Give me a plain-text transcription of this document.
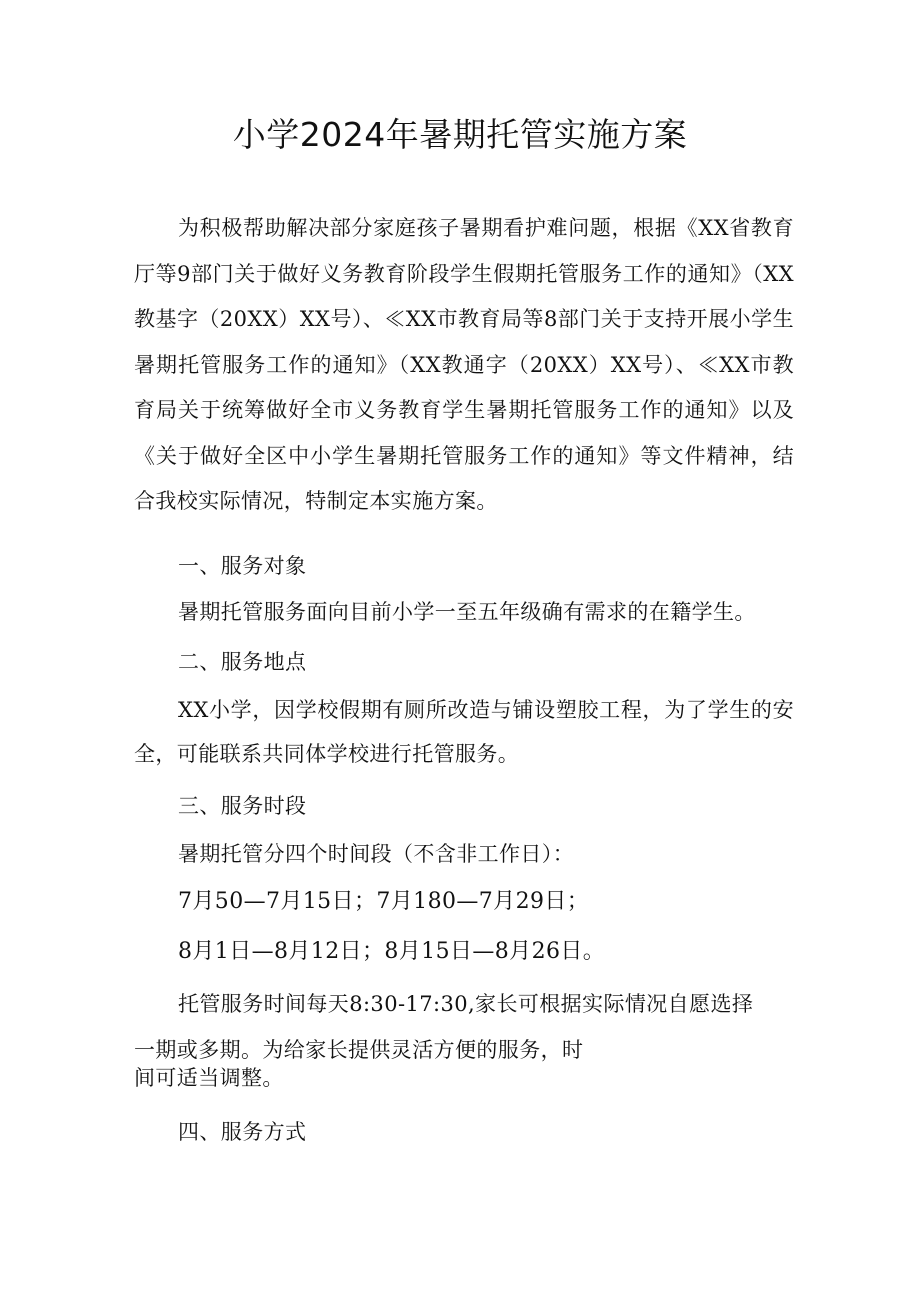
小学2024年暑期托管实施方案

为积极帮助解决部分家庭孩子暑期看护难问题，根据《XX省教育厅等9部门关于做好义务教育阶段学生假期托管服务工作的通知》（XX教基字（20XX）XX号）、≪XX市教育局等8部门关于支持开展小学生暑期托管服务工作的通知》（XX教通字（20XX）XX号）、≪XX市教育局关于统筹做好全市义务教育学生暑期托管服务工作的通知》以及《关于做好全区中小学生暑期托管服务工作的通知》等文件精神，结合我校实际情况，特制定本实施方案。

一、服务对象

暑期托管服务面向目前小学一至五年级确有需求的在籍学生。

二、服务地点

XX小学，因学校假期有厕所改造与铺设塑胶工程，为了学生的安全，可能联系共同体学校进行托管服务。

三、服务时段

暑期托管分四个时间段（不含非工作日）：

7月50—7月15日；7月180—7月29日；

8月1日—8月12日；8月15日—8月26日。

托管服务时间每天8:30-17:30,家长可根据实际情况自愿选择

一期或多期。为给家长提供灵活方便的服务，时

间可适当调整。

四、服务方式
